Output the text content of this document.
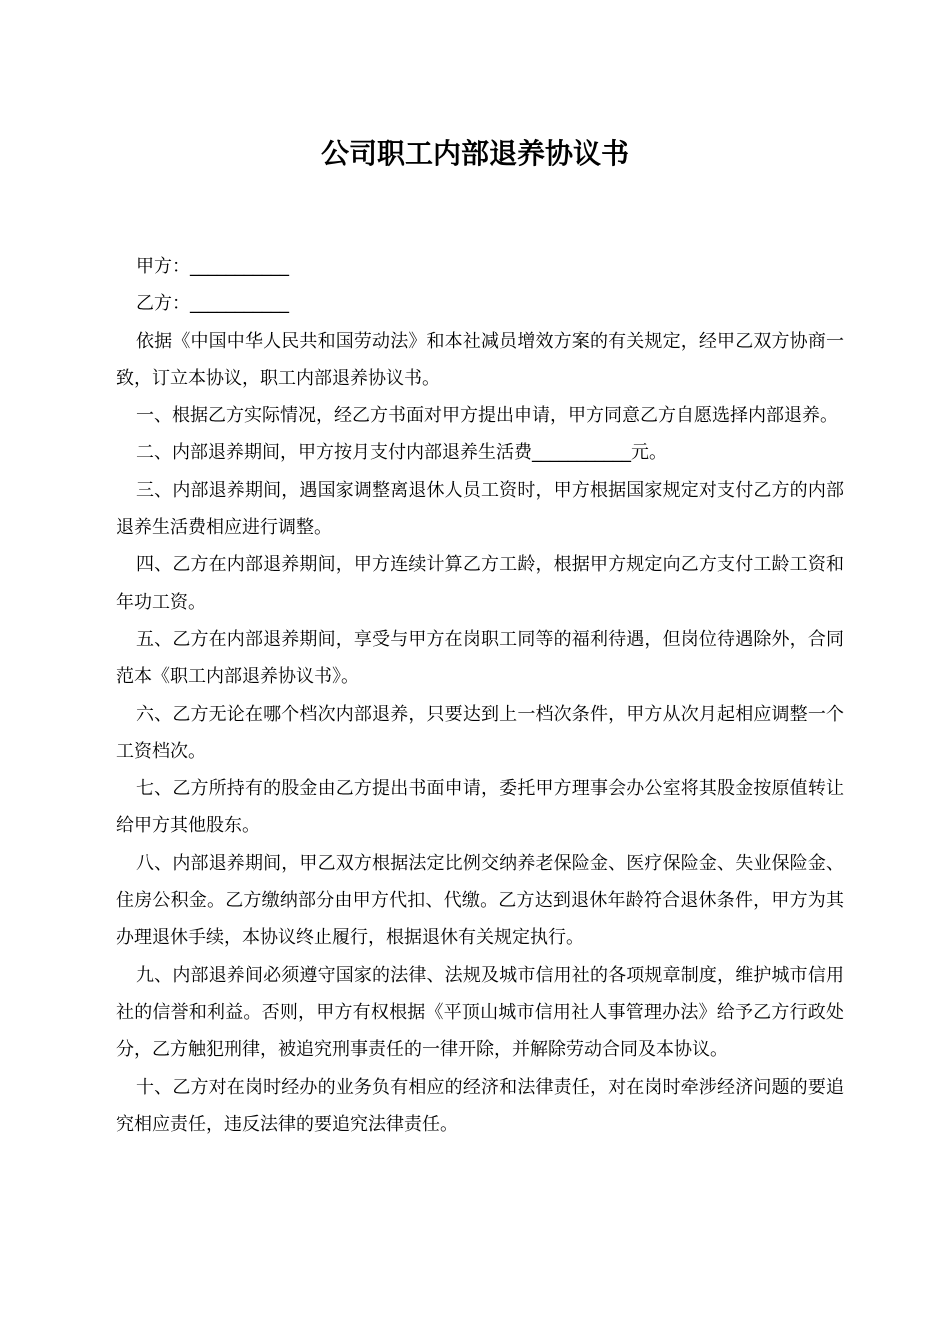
公司职工内部退养协议书

甲方：___________

乙方：___________

依据《中国中华人民共和国劳动法》和本社减员增效方案的有关规定，经甲乙双方协商一致，订立本协议，职工内部退养协议书。

一、根据乙方实际情况，经乙方书面对甲方提出申请，甲方同意乙方自愿选择内部退养。

二、内部退养期间，甲方按月支付内部退养生活费___________元。

三、内部退养期间，遇国家调整离退休人员工资时，甲方根据国家规定对支付乙方的内部退养生活费相应进行调整。

四、乙方在内部退养期间，甲方连续计算乙方工龄，根据甲方规定向乙方支付工龄工资和年功工资。

五、乙方在内部退养期间，享受与甲方在岗职工同等的福利待遇，但岗位待遇除外，合同范本《职工内部退养协议书》。

六、乙方无论在哪个档次内部退养，只要达到上一档次条件，甲方从次月起相应调整一个工资档次。

七、乙方所持有的股金由乙方提出书面申请，委托甲方理事会办公室将其股金按原值转让给甲方其他股东。

八、内部退养期间，甲乙双方根据法定比例交纳养老保险金、医疗保险金、失业保险金、住房公积金。乙方缴纳部分由甲方代扣、代缴。乙方达到退休年龄符合退休条件，甲方为其办理退休手续，本协议终止履行，根据退休有关规定执行。

九、内部退养间必须遵守国家的法律、法规及城市信用社的各项规章制度，维护城市信用社的信誉和利益。否则，甲方有权根据《平顶山城市信用社人事管理办法》给予乙方行政处分，乙方触犯刑律，被追究刑事责任的一律开除，并解除劳动合同及本协议。

十、乙方对在岗时经办的业务负有相应的经济和法律责任，对在岗时牵涉经济问题的要追究相应责任，违反法律的要追究法律责任。
